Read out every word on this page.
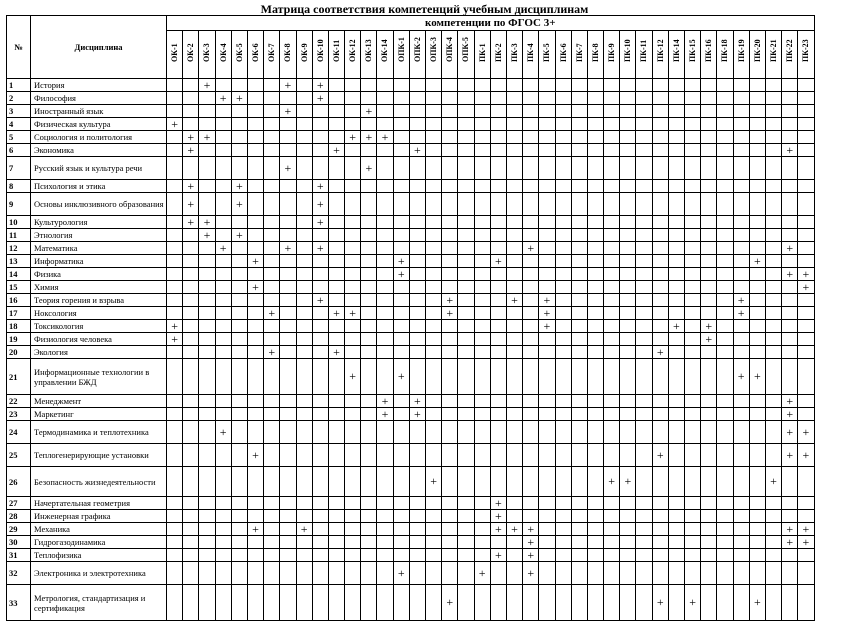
Матрица соответствия компетенций учебным дисциплинам
№	Дисциплина	компетенции по ФГОС 3+																																							

		ОК-1	ОК-2	ОК-3	ОК-4	ОК-5	ОК-6	ОК-7	ОК-8	ОК-9	ОК-10	ОК-11	ОК-12	ОК-13	ОК-14	ОПК-1	ОПК-2	ОПК-3	ОПК-4	ОПК-5	ПК-1	ПК-2	ПК-3	ПК-4	ПК-5	ПК-6	ПК-7	ПК-8	ПК-9	ПК-10	ПК-11	ПК-12	ПК-14	ПК-15	ПК-16	ПК-18	ПК-19	ПК-20	ПК-21	ПК-22	ПК-23

1	История			+					+		+																														
2	Философия				+	+					+																														
3	Иностранный язык								+					+																											
4	Физическая культура	+																																							
5	Социология и политология		+	+									+	+	+																										
6	Экономика		+									+					+																							+	
7	Русский язык и культура речи								+					+																											
8	Психология и этика		+			+					+																														
9	Основы инклюзивного образования		+			+					+																														
10	Культурология		+	+							+																														
11	Этнология			+		+																																			
12	Математика				+				+		+													+																+	
13	Информатика						+									+						+																+			
14	Физика															+																								+	+
15	Химия						+																																		+
16	Теория горения и взрыва										+								+				+		+												+				
17	Ноксология							+				+	+						+						+												+				
18	Токсикология	+																							+								+		+						
19	Физиология человека	+																																	+						
20	Экология							+				+																				+									
21	Информационные технологии в управлении БЖД												+			+																					+	+			
22	Менеджмент														+		+																							+	
23	Маркетинг														+		+																							+	
24	Термодинамика и теплотехника				+																																			+	+
25	Теплогенерирующие установки						+																									+								+	+
26	Безопасность жизнедеятельности																	+											+	+									+		
27	Начертательная геометрия																					+																			
28	Инженерная графика																					+																			
29	Механика						+			+												+	+	+																+	+
30	Гидрогазодинамика																							+																+	+
31	Теплофизика																					+		+																	
32	Электроника и электротехника															+					+			+																	
33	Метрология, стандартизация и сертификация																		+													+		+				+			
